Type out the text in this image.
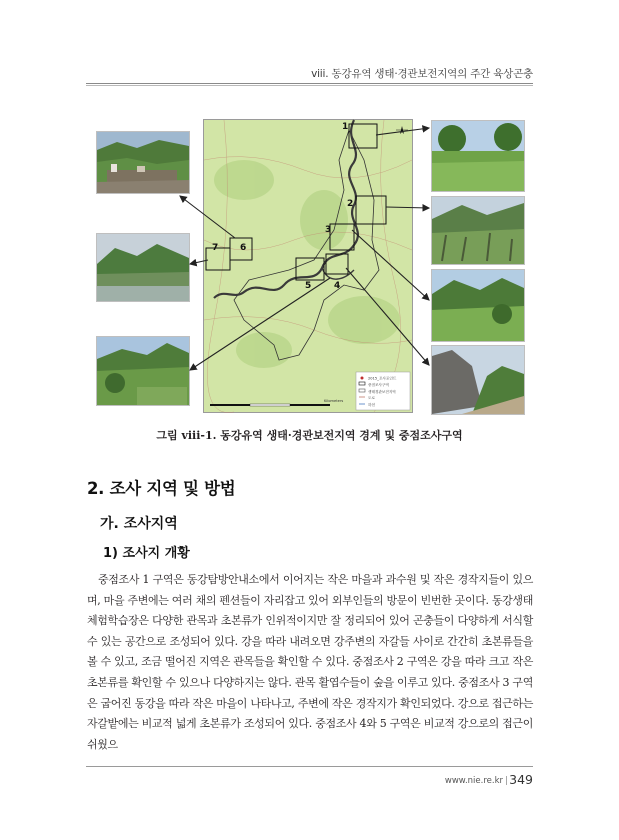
viii. 동강유역 생태·경관보전지역의 주간 육상곤충
1
2
3
4
5
6
7
2015_조사포인트
중점조사구역
생태경관보전지역
도로
하천
Kilometers
그림 viii-1. 동강유역 생태·경관보전지역 경계 및 중점조사구역
2. 조사 지역 및 방법
가. 조사지역
1) 조사지 개황
중점조사 1 구역은 동강탐방안내소에서 이어지는 작은 마을과 과수원 및 작은 경작지들이 있으며, 마을 주변에는 여러 채의 펜션들이 자리잡고 있어 외부인들의 방문이 빈번한 곳이다. 동강생태체험학습장은 다양한 관목과 초본류가 인위적이지만 잘 정리되어 있어 곤충들이 다양하게 서식할 수 있는 공간으로 조성되어 있다. 강을 따라 내려오면 강주변의 자갈들 사이로 간간히 초본류들을 볼 수 있고, 조금 떨어진 지역은 관목들을 확인할 수 있다. 중점조사 2 구역은 강을 따라 크고 작은 초본류를 확인할 수 있으나 다양하지는 않다. 관목 활엽수들이 숲을 이루고 있다. 중점조사 3 구역은 굽어진 동강을 따라 작은 마을이 나타나고, 주변에 작은 경작지가 확인되었다. 강으로 접근하는 자갈밭에는 비교적 넓게 초본류가 조성되어 있다. 중점조사 4와 5 구역은 비교적 강으로의 접근이 쉬웠으
www.nie.re.kr | 349
